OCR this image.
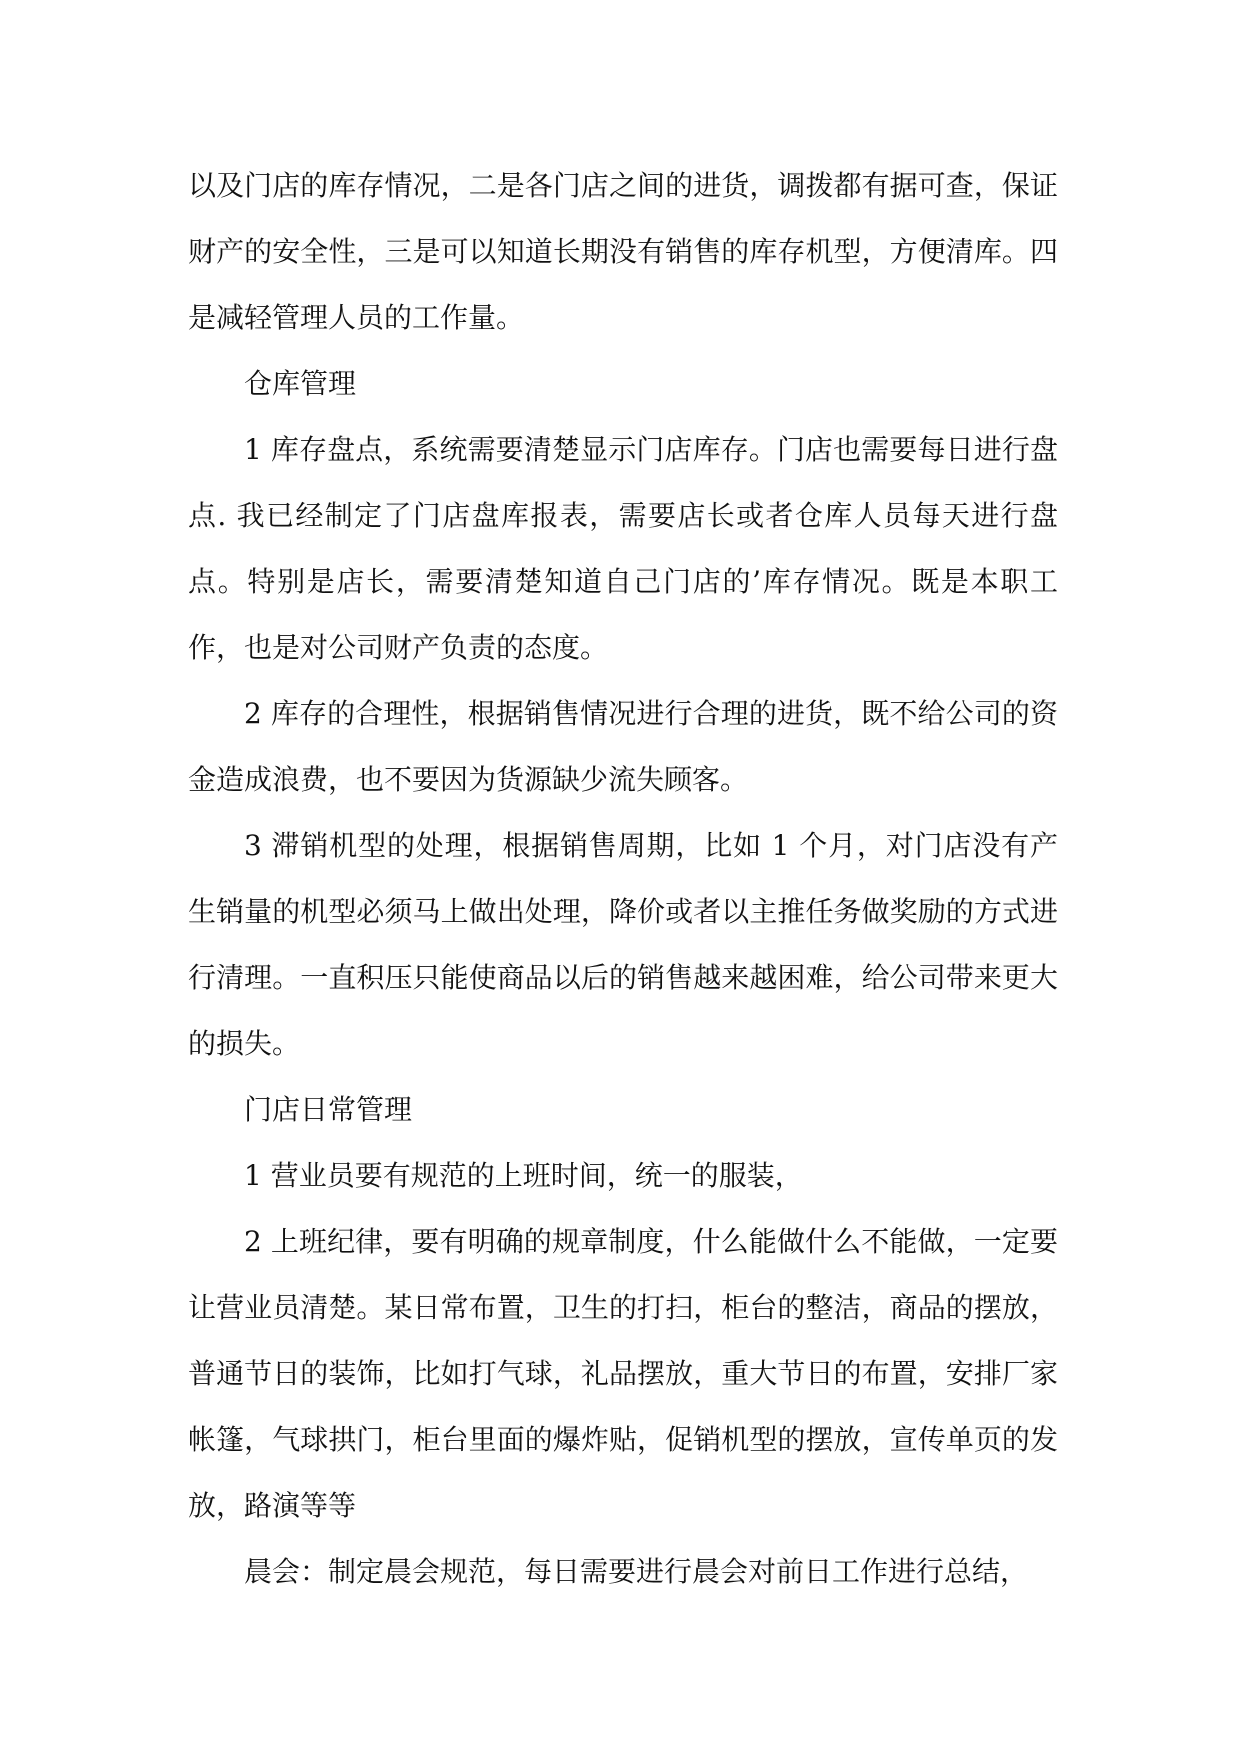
以及门店的库存情况，二是各门店之间的进货，调拨都有据可查，保证财产的安全性，三是可以知道长期没有销售的库存机型，方便清库。四是减轻管理人员的工作量。

仓库管理

1 库存盘点，系统需要清楚显示门店库存。门店也需要每日进行盘点. 我已经制定了门店盘库报表，需要店长或者仓库人员每天进行盘点。特别是店长，需要清楚知道自己门店的’库存情况。既是本职工作，也是对公司财产负责的态度。

2 库存的合理性，根据销售情况进行合理的进货，既不给公司的资金造成浪费，也不要因为货源缺少流失顾客。

3 滞销机型的处理，根据销售周期，比如 1 个月，对门店没有产生销量的机型必须马上做出处理，降价或者以主推任务做奖励的方式进行清理。一直积压只能使商品以后的销售越来越困难，给公司带来更大的损失。

门店日常管理

1 营业员要有规范的上班时间，统一的服装，

2 上班纪律，要有明确的规章制度，什么能做什么不能做，一定要让营业员清楚。某日常布置，卫生的打扫，柜台的整洁，商品的摆放，普通节日的装饰，比如打气球，礼品摆放，重大节日的布置，安排厂家帐篷，气球拱门，柜台里面的爆炸贴，促销机型的摆放，宣传单页的发放，路演等等

晨会：制定晨会规范，每日需要进行晨会对前日工作进行总结，
